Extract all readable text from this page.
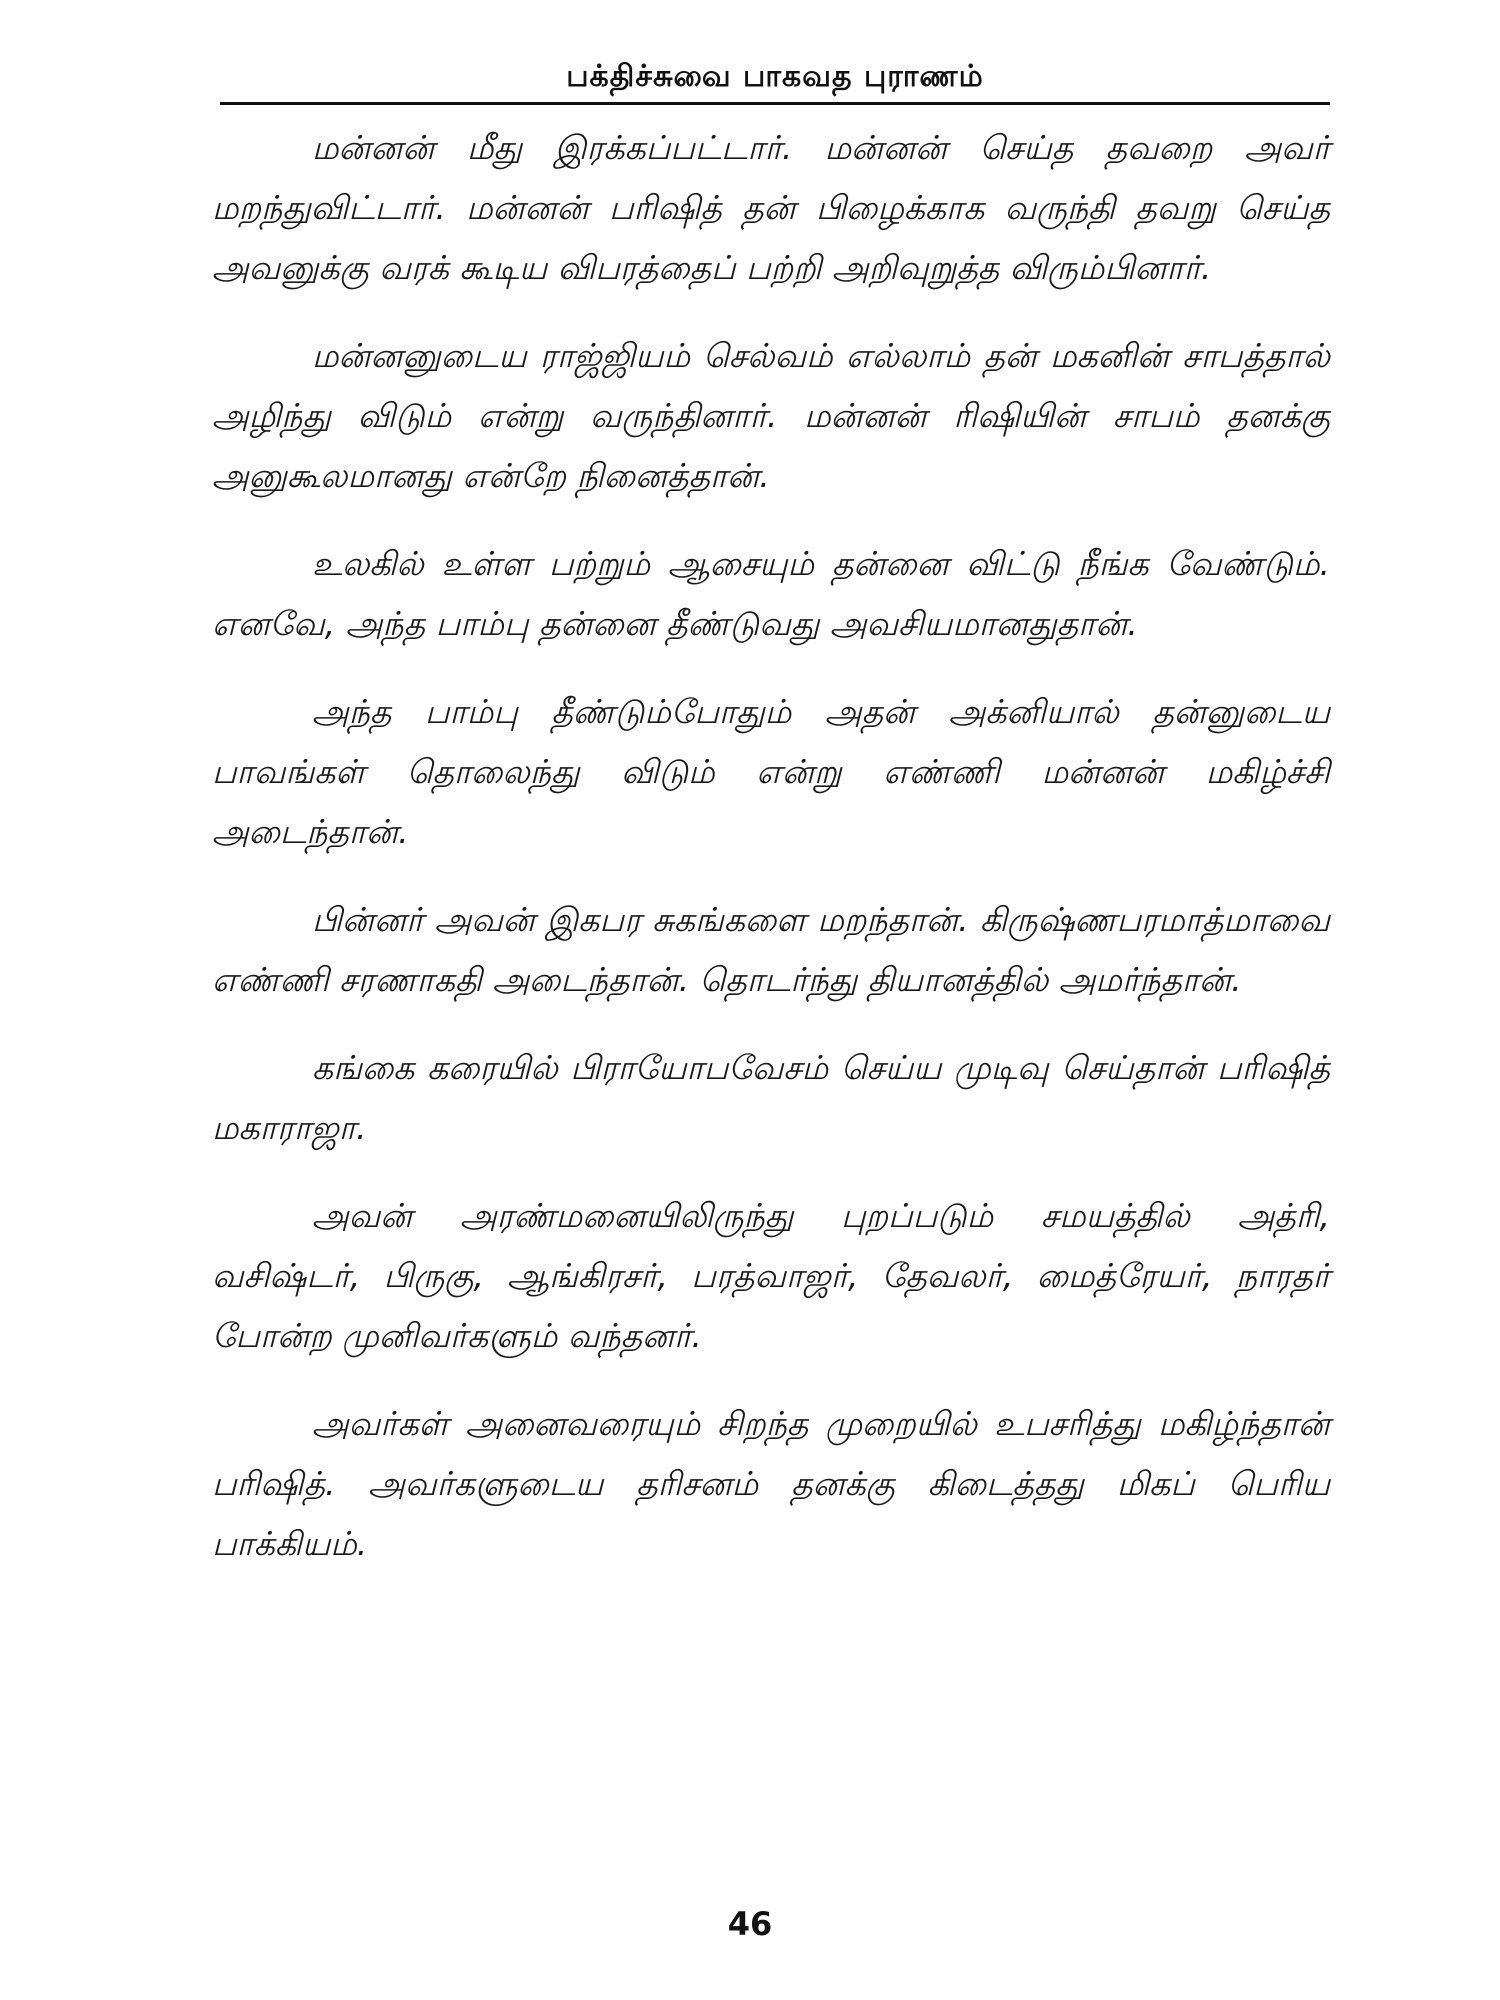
பக்திச்சுவை பாகவத புராணம்

மன்னன் மீது இரக்கப்பட்டார். மன்னன் செய்த தவறை அவர் மறந்துவிட்டார். மன்னன் பரிஷித் தன் பிழைக்காக வருந்தி தவறு செய்த அவனுக்கு வரக் கூடிய விபரத்தைப் பற்றி அறிவுறுத்த விரும்பினார்.

மன்னனுடைய ராஜ்ஜியம் செல்வம் எல்லாம் தன் மகனின் சாபத்தால் அழிந்து விடும் என்று வருந்தினார். மன்னன் ரிஷியின் சாபம் தனக்கு அனுகூலமானது என்றே நினைத்தான்.

உலகில் உள்ள பற்றும் ஆசையும் தன்னை விட்டு நீங்க வேண்டும். எனவே, அந்த பாம்பு தன்னை தீண்டுவது அவசியமானதுதான்.

அந்த பாம்பு தீண்டும்போதும் அதன் அக்னியால் தன்னுடைய பாவங்கள் தொலைந்து விடும் என்று எண்ணி மன்னன் மகிழ்ச்சி அடைந்தான்.

பின்னர் அவன் இகபர சுகங்களை மறந்தான். கிருஷ்ணபரமாத்மாவை எண்ணி சரணாகதி அடைந்தான். தொடர்ந்து தியானத்தில் அமர்ந்தான்.

கங்கை கரையில் பிராயோபவேசம் செய்ய முடிவு செய்தான் பரிஷித் மகாராஜா.

அவன் அரண்மனையிலிருந்து புறப்படும் சமயத்தில் அத்ரி, வசிஷ்டர், பிருகு, ஆங்கிரசர், பரத்வாஜர், தேவலர், மைத்ரேயர், நாரதர் போன்ற முனிவர்களும் வந்தனர்.

அவர்கள் அனைவரையும் சிறந்த முறையில் உபசரித்து மகிழ்ந்தான் பரிஷித். அவர்களுடைய தரிசனம் தனக்கு கிடைத்தது மிகப் பெரிய பாக்கியம்.

46
